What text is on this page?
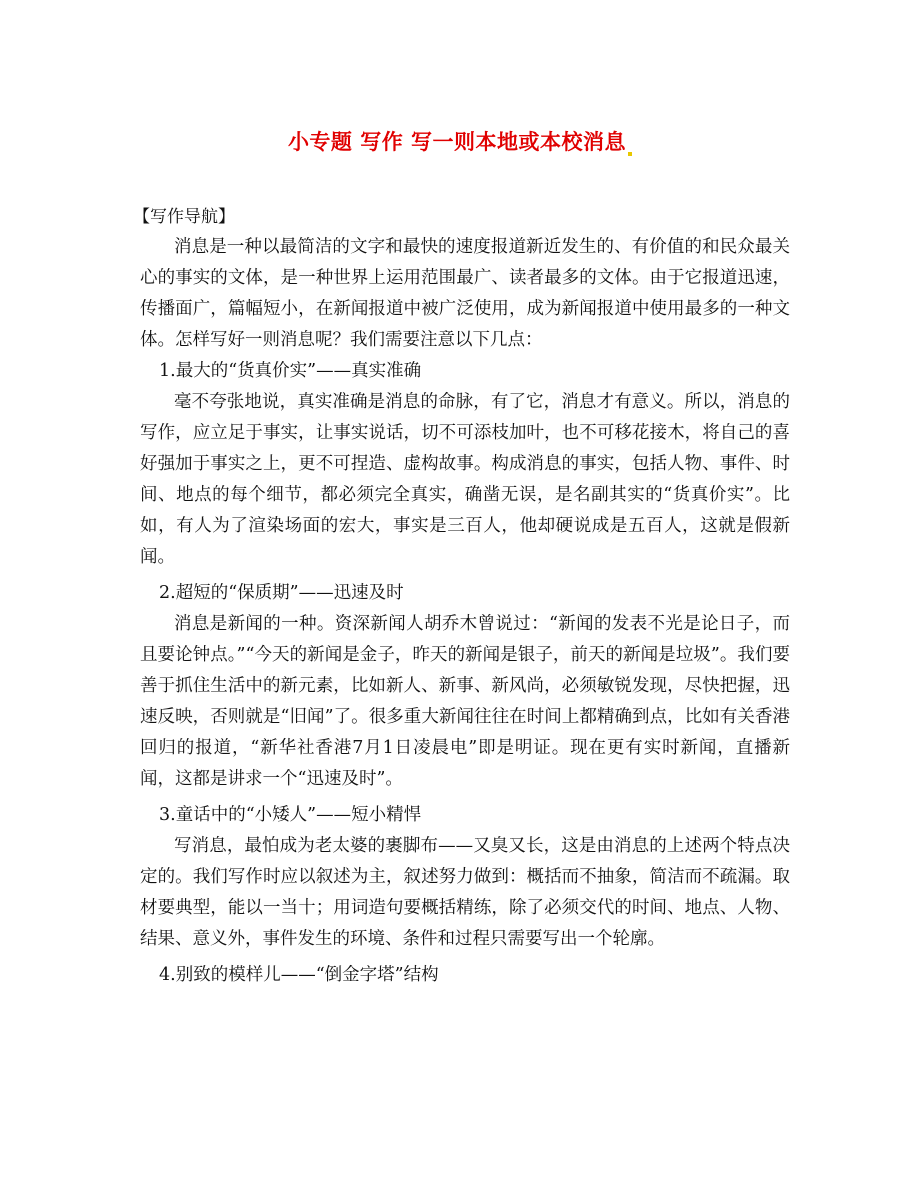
小专题 写作 写一则本地或本校消息
【写作导航】

消息是一种以最简洁的文字和最快的速度报道新近发生的、有价值的和民众最关心的事实的文体，是一种世界上运用范围最广、读者最多的文体。由于它报道迅速，传播面广，篇幅短小，在新闻报道中被广泛使用，成为新闻报道中使用最多的一种文体。怎样写好一则消息呢？我们需要注意以下几点：

1.最大的“货真价实”——真实准确

毫不夸张地说，真实准确是消息的命脉，有了它，消息才有意义。所以，消息的写作，应立足于事实，让事实说话，切不可添枝加叶，也不可移花接木，将自己的喜好强加于事实之上，更不可捏造、虚构故事。构成消息的事实，包括人物、事件、时间、地点的每个细节，都必须完全真实，确凿无误，是名副其实的“货真价实”。比如，有人为了渲染场面的宏大，事实是三百人，他却硬说成是五百人，这就是假新闻。

2.超短的“保质期”——迅速及时

消息是新闻的一种。资深新闻人胡乔木曾说过：“新闻的发表不光是论日子，而且要论钟点。”“今天的新闻是金子，昨天的新闻是银子，前天的新闻是垃圾”。我们要善于抓住生活中的新元素，比如新人、新事、新风尚，必须敏锐发现，尽快把握，迅速反映，否则就是“旧闻”了。很多重大新闻往往在时间上都精确到点，比如有关香港回归的报道，“新华社香港7月1日凌晨电”即是明证。现在更有实时新闻，直播新闻，这都是讲求一个“迅速及时”。

3.童话中的“小矮人”——短小精悍

写消息，最怕成为老太婆的裹脚布——又臭又长，这是由消息的上述两个特点决定的。我们写作时应以叙述为主，叙述努力做到：概括而不抽象，简洁而不疏漏。取材要典型，能以一当十；用词造句要概括精练，除了必须交代的时间、地点、人物、结果、意义外，事件发生的环境、条件和过程只需要写出一个轮廓。

4.别致的模样儿——“倒金字塔”结构
